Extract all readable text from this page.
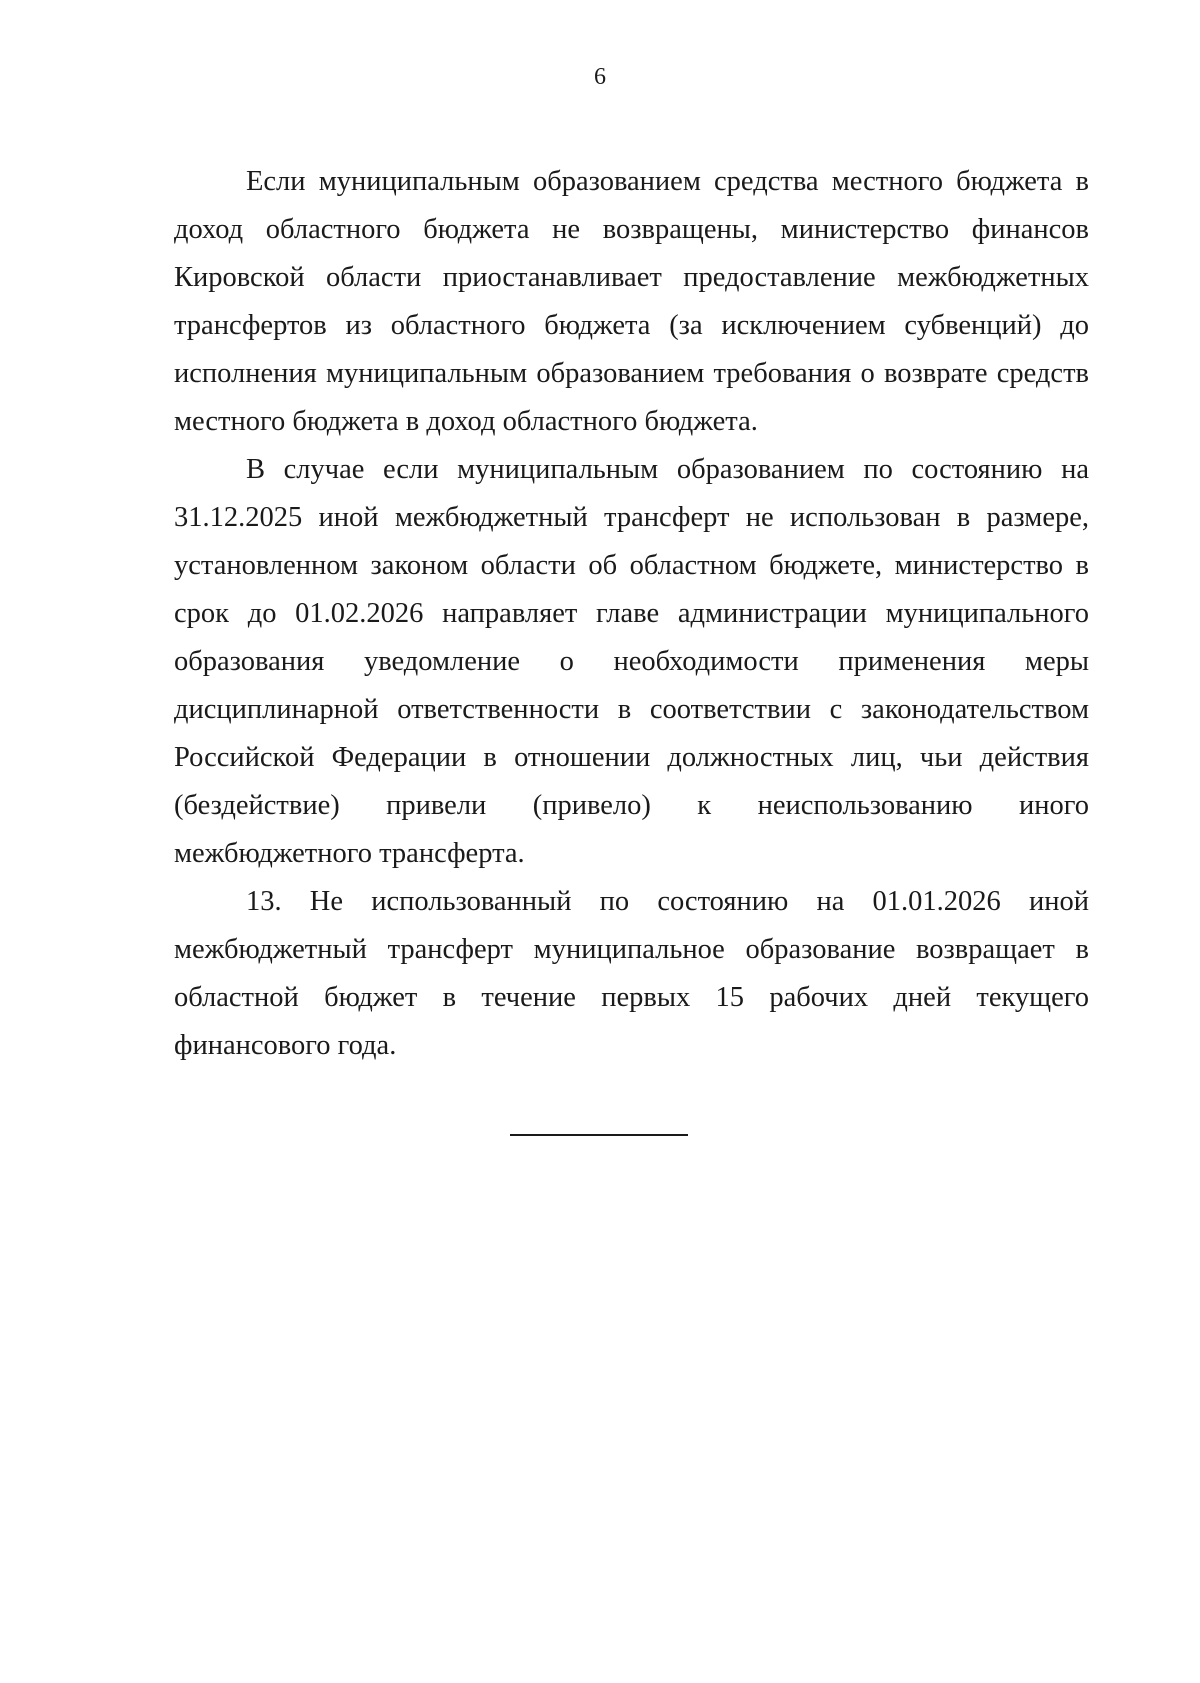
6

Если муниципальным образованием средства местного бюджета в доход областного бюджета не возвращены, министерство финансов Кировской области приостанавливает предоставление межбюджетных трансфертов из областного бюджета (за исключением субвенций) до исполнения муниципальным образованием требования о возврате средств местного бюджета в доход областного бюджета.

В случае если муниципальным образованием по состоянию на 31.12.2025 иной межбюджетный трансферт не использован в размере, установленном законом области об областном бюджете, министерство в срок до 01.02.2026 направляет главе администрации муниципального образования уведомление о необходимости применения меры дисциплинарной ответственности в соответствии с законодательством Российской Федерации в отношении должностных лиц, чьи действия (бездействие) привели (привело) к неиспользованию иного межбюджетного трансферта.

13. Не использованный по состоянию на 01.01.2026 иной межбюджетный трансферт муниципальное образование возвращает в областной бюджет в течение первых 15 рабочих дней текущего финансового года.
